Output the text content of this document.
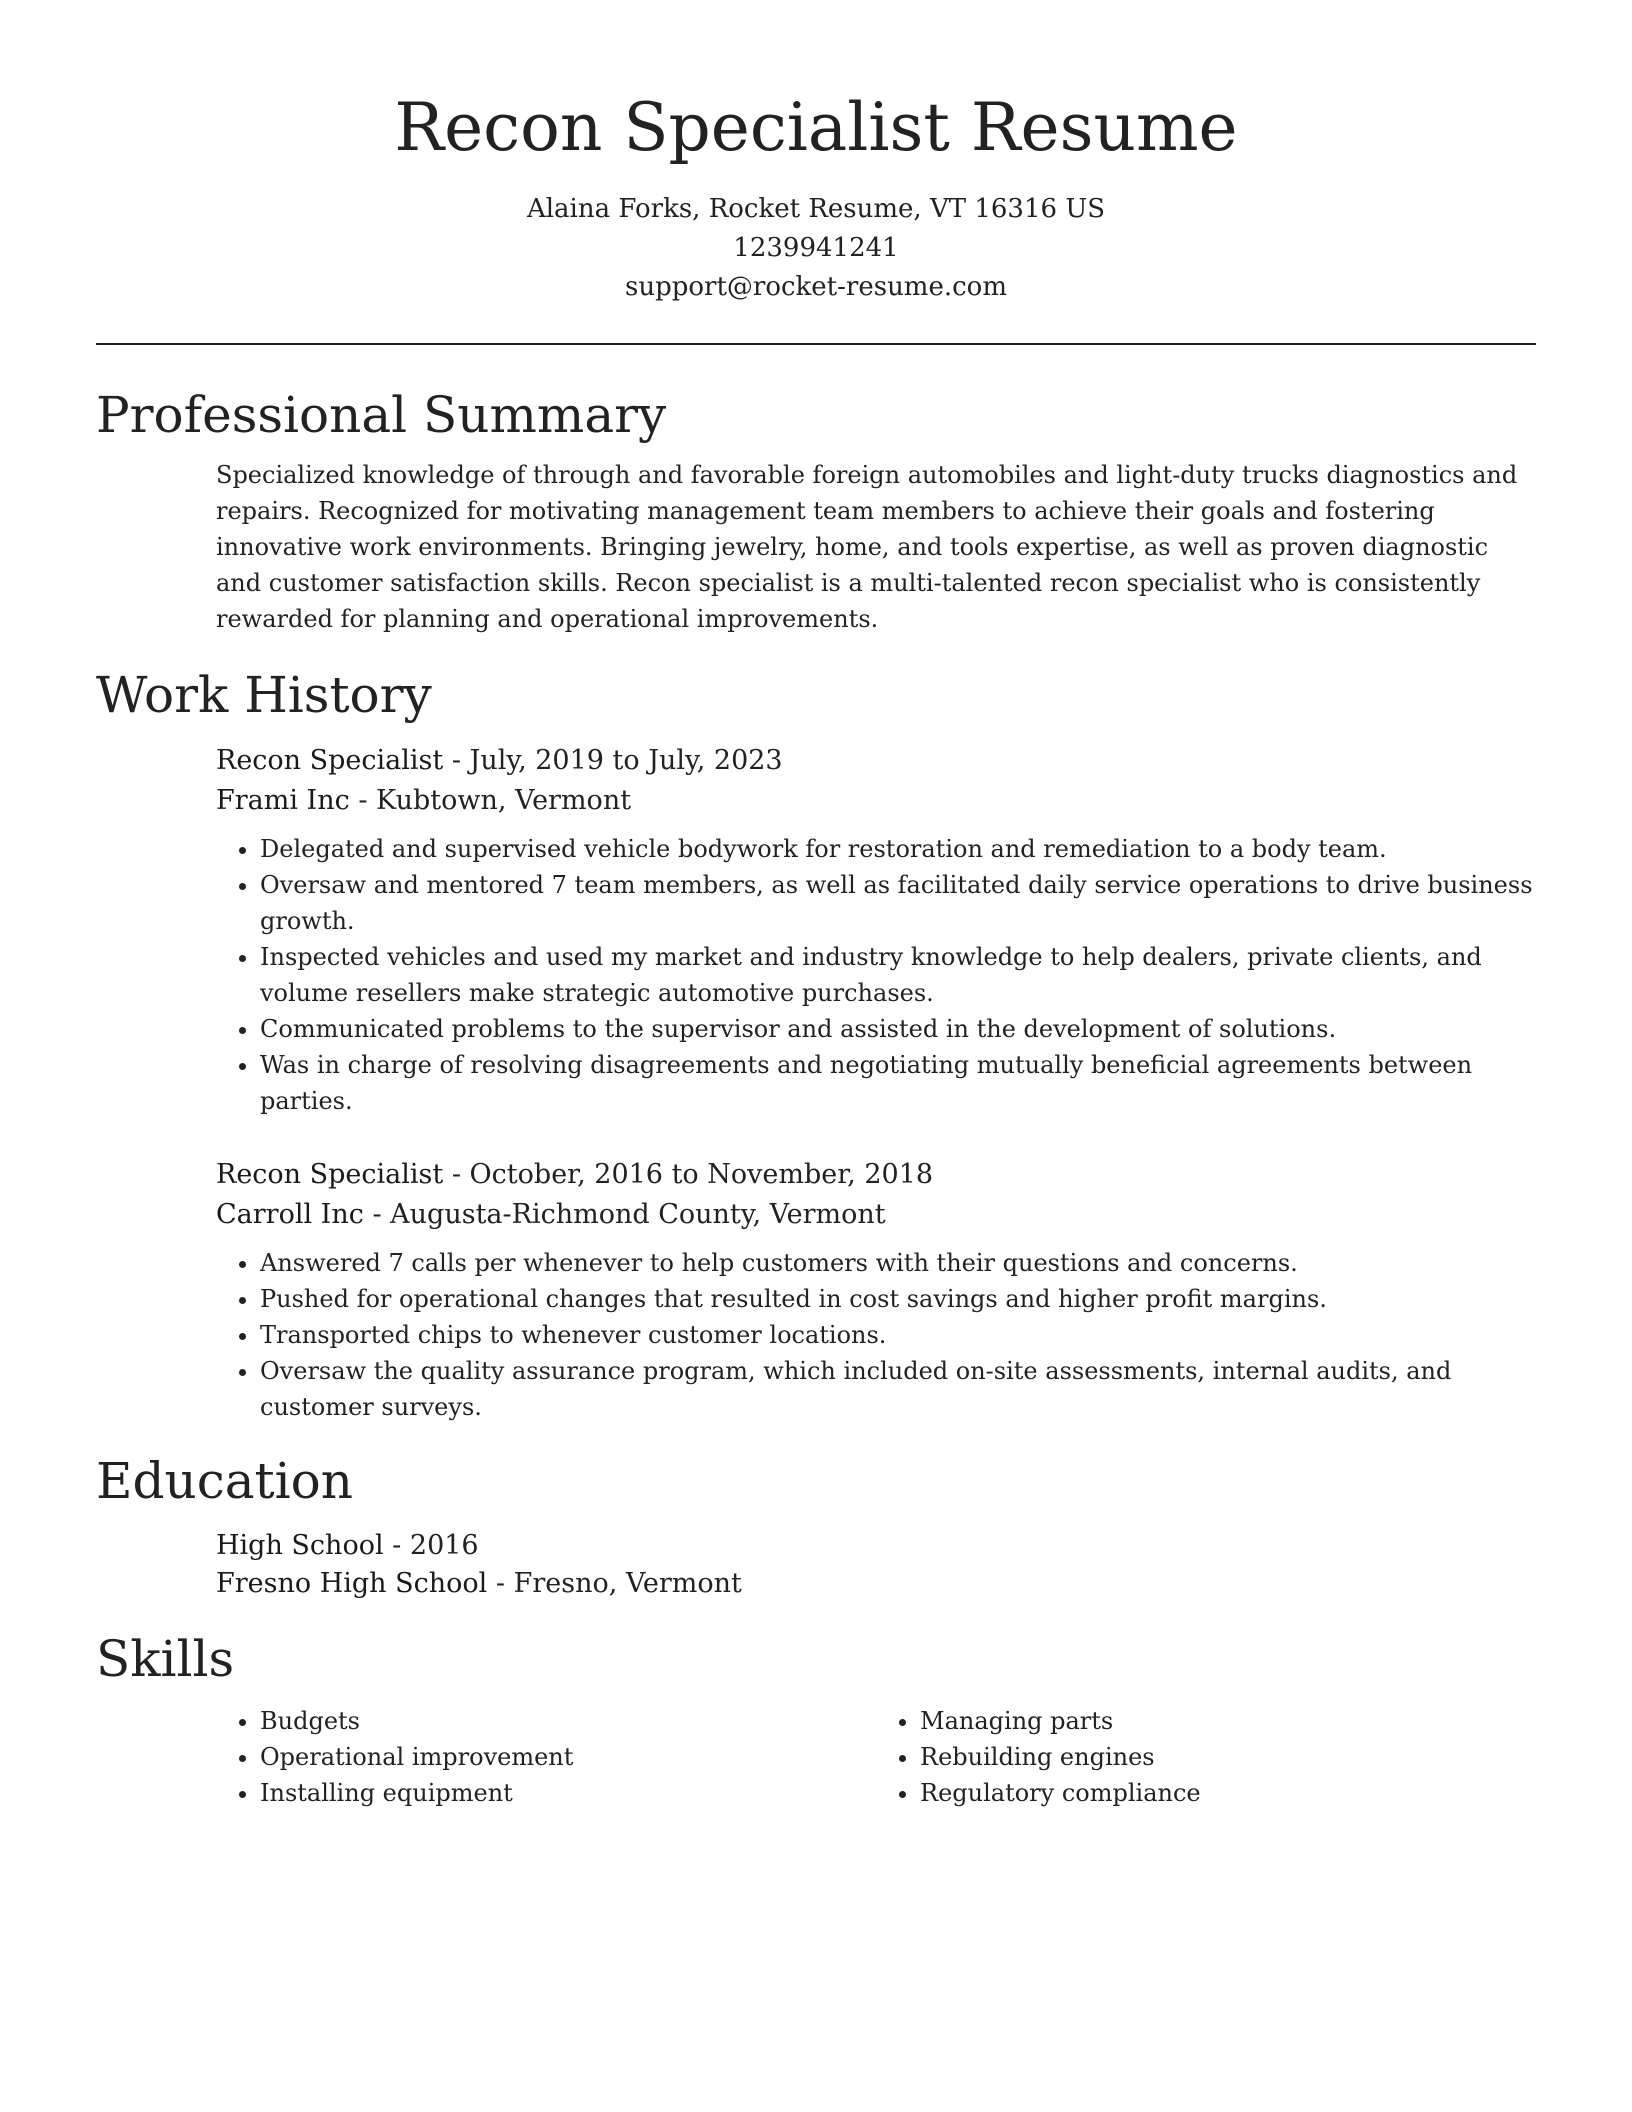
Recon Specialist Resume
Alaina Forks, Rocket Resume, VT 16316 US
1239941241
support@rocket-resume.com
Professional Summary
Specialized knowledge of through and favorable foreign automobiles and light-duty trucks diagnostics and repairs. Recognized for motivating management team members to achieve their goals and fostering innovative work environments. Bringing jewelry, home, and tools expertise, as well as proven diagnostic and customer satisfaction skills. Recon specialist is a multi-talented recon specialist who is consistently rewarded for planning and operational improvements.
Work History
Recon Specialist - July, 2019 to July, 2023
Frami Inc - Kubtown, Vermont
• Delegated and supervised vehicle bodywork for restoration and remediation to a body team.
• Oversaw and mentored 7 team members, as well as facilitated daily service operations to drive business growth.
• Inspected vehicles and used my market and industry knowledge to help dealers, private clients, and volume resellers make strategic automotive purchases.
• Communicated problems to the supervisor and assisted in the development of solutions.
• Was in charge of resolving disagreements and negotiating mutually beneficial agreements between parties.
Recon Specialist - October, 2016 to November, 2018
Carroll Inc - Augusta-Richmond County, Vermont
• Answered 7 calls per whenever to help customers with their questions and concerns.
• Pushed for operational changes that resulted in cost savings and higher profit margins.
• Transported chips to whenever customer locations.
• Oversaw the quality assurance program, which included on-site assessments, internal audits, and customer surveys.
Education
High School - 2016
Fresno High School - Fresno, Vermont
Skills
• Budgets
• Operational improvement
• Installing equipment
• Managing parts
• Rebuilding engines
• Regulatory compliance
